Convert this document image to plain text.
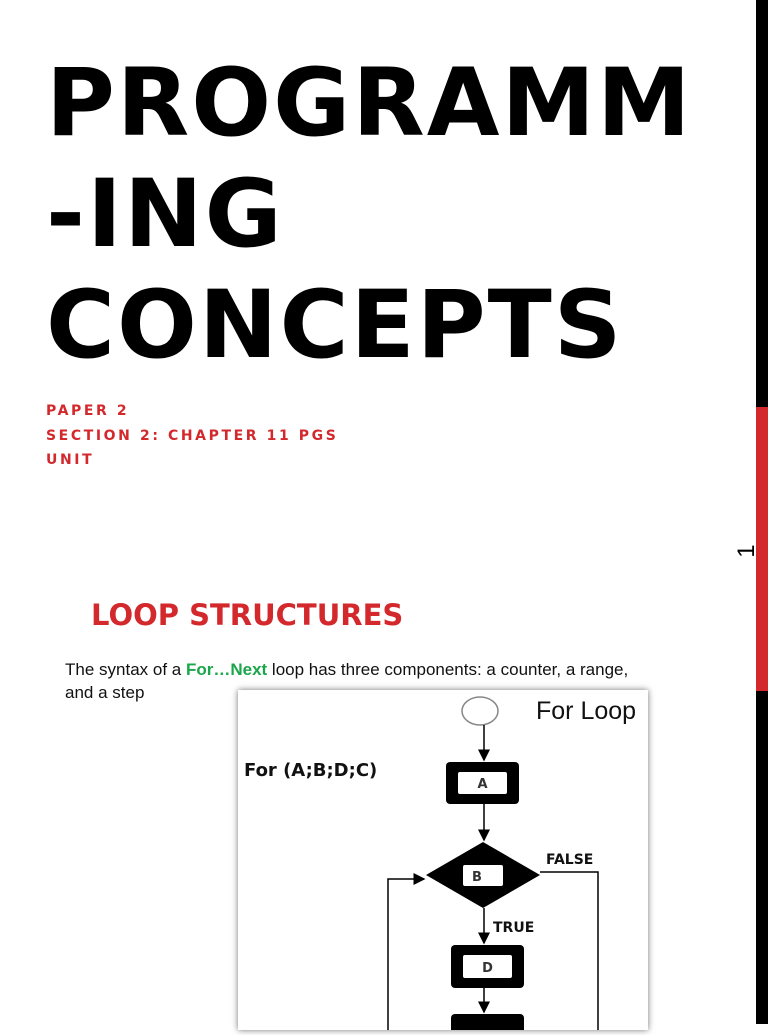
1
PROGRAMM
-ING
CONCEPTS
PAPER 2
SECTION 2: CHAPTER 11 PGS
UNIT
LOOP STRUCTURES

The syntax of a For…Next loop has three components: a counter, a range, and a step

For Loop
For (A;B;D;C)
A
B
FALSE
TRUE
D
